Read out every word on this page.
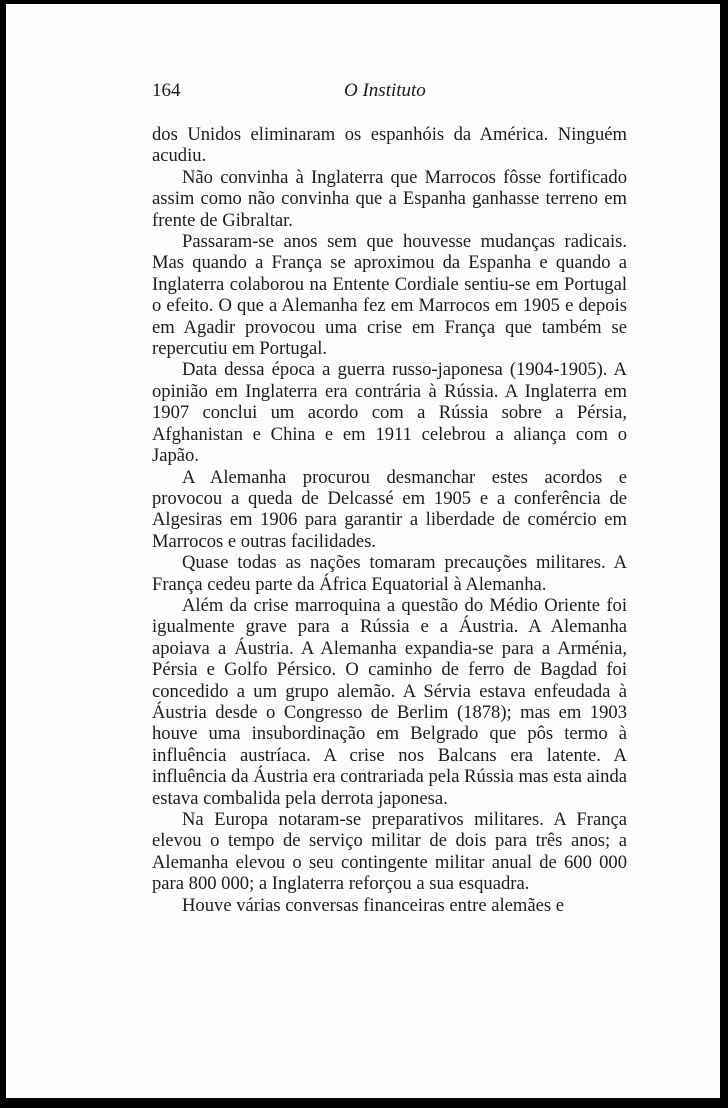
164	O Instituto

dos Unidos eliminaram os espanhóis da América. Ninguém acudiu.

Não convinha à Inglaterra que Marrocos fôsse fortificado assim como não convinha que a Espanha ganhasse terreno em frente de Gibraltar.

Passaram-se anos sem que houvesse mudanças radicais. Mas quando a França se aproximou da Espanha e quando a Inglaterra colaborou na Entente Cordiale sentiu-se em Portugal o efeito. O que a Alemanha fez em Marrocos em 1905 e depois em Agadir provocou uma crise em França que também se repercutiu em Portugal.

Data dessa época a guerra russo-japonesa (1904-1905). A opinião em Inglaterra era contrária à Rússia. A Inglaterra em 1907 conclui um acordo com a Rússia sobre a Pérsia, Afghanistan e China e em 1911 celebrou a aliança com o Japão.

A Alemanha procurou desmanchar estes acordos e provocou a queda de Delcassé em 1905 e a conferência de Algesiras em 1906 para garantir a liberdade de comércio em Marrocos e outras facilidades.

Quase todas as nações tomaram precauções militares. A França cedeu parte da África Equatorial à Alemanha.

Além da crise marroquina a questão do Médio Oriente foi igualmente grave para a Rússia e a Áustria. A Alemanha apoiava a Áustria. A Alemanha expandia-se para a Arménia, Pérsia e Golfo Pérsico. O caminho de ferro de Bagdad foi concedido a um grupo alemão. A Sérvia estava enfeudada à Áustria desde o Congresso de Berlim (1878); mas em 1903 houve uma insubordinação em Belgrado que pôs termo à influência austríaca. A crise nos Balcans era latente. A influência da Áustria era contrariada pela Rússia mas esta ainda estava combalida pela derrota japonesa.

Na Europa notaram-se preparativos militares. A França elevou o tempo de serviço militar de dois para três anos; a Alemanha elevou o seu contingente militar anual de 600 000 para 800 000; a Inglaterra reforçou a sua esquadra.

Houve várias conversas financeiras entre alemães e
